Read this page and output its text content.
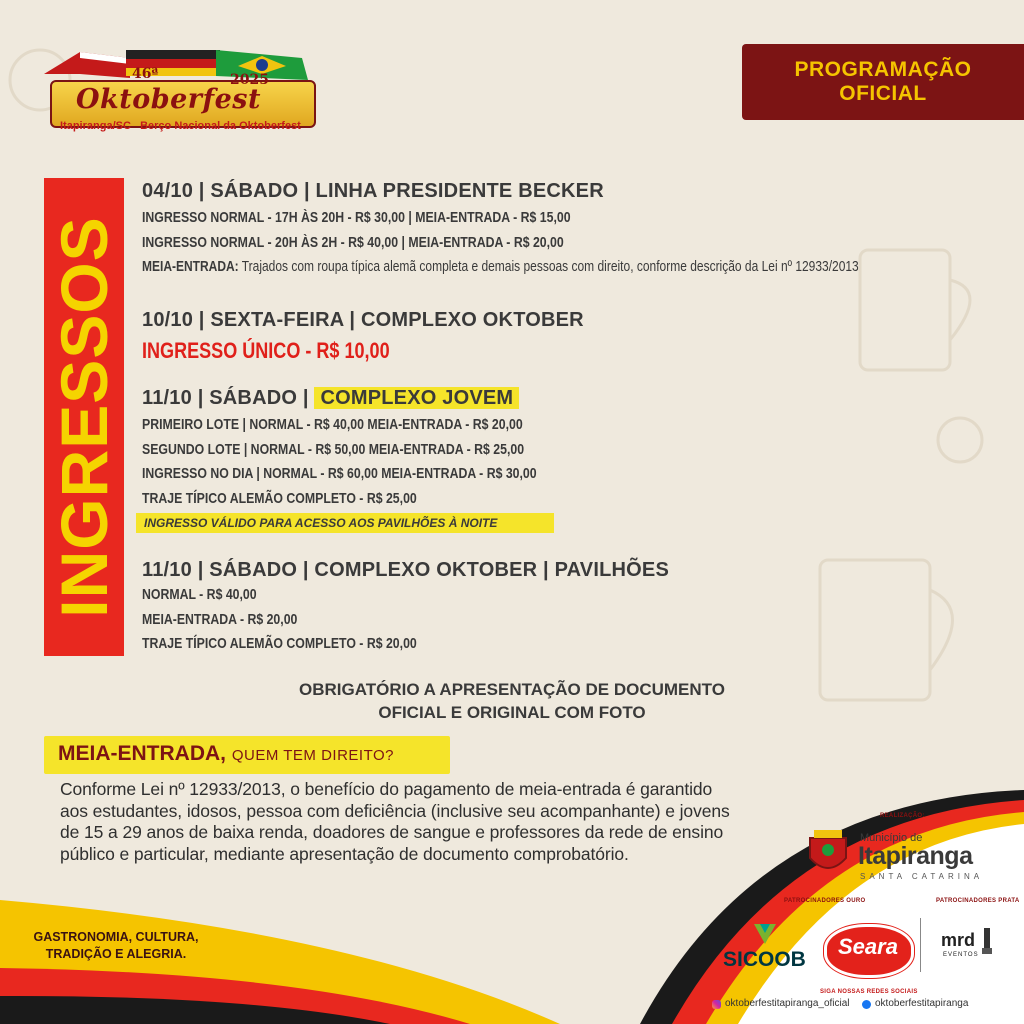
46ª	2025
Oktoberfest
Itapiranga/SC Berço Nacional da Oktoberfest
PROGRAMAÇÃO OFICIAL
INGRESSOS
04/10 | SÁBADO | LINHA PRESIDENTE BECKER
INGRESSO NORMAL - 17H ÀS 20H - R$ 30,00 | MEIA-ENTRADA - R$ 15,00
INGRESSO NORMAL - 20H ÀS 2H - R$ 40,00 | MEIA-ENTRADA - R$ 20,00
MEIA-ENTRADA: Trajados com roupa típica alemã completa e demais pessoas com direito, conforme descrição da Lei nº 12933/2013
10/10 | SEXTA-FEIRA | COMPLEXO OKTOBER
INGRESSO ÚNICO - R$ 10,00
11/10 | SÁBADO | COMPLEXO JOVEM
PRIMEIRO LOTE | NORMAL - R$ 40,00 MEIA-ENTRADA - R$ 20,00
SEGUNDO LOTE | NORMAL - R$ 50,00 MEIA-ENTRADA - R$ 25,00
INGRESSO NO DIA | NORMAL - R$ 60,00 MEIA-ENTRADA - R$ 30,00
TRAJE TÍPICO ALEMÃO COMPLETO - R$ 25,00
INGRESSO VÁLIDO PARA ACESSO AOS PAVILHÕES À NOITE
11/10 | SÁBADO | COMPLEXO OKTOBER | PAVILHÕES
NORMAL - R$ 40,00
MEIA-ENTRADA - R$ 20,00
TRAJE TÍPICO ALEMÃO COMPLETO - R$ 20,00
OBRIGATÓRIO A APRESENTAÇÃO DE DOCUMENTO
OFICIAL E ORIGINAL COM FOTO
MEIA-ENTRADA, QUEM TEM DIREITO?
Conforme Lei nº 12933/2013, o benefício do pagamento de meia-entrada é garantido aos estudantes, idosos, pessoa com deficiência (inclusive seu acompanhante) e jovens de 15 a 29 anos de baixa renda, doadores de sangue e professores da rede de ensino público e particular, mediante apresentação de documento comprobatório.
GASTRONOMIA, CULTURA,
TRADIÇÃO E ALEGRIA.
REALIZAÇÃO:
Município de
Itapiranga
SANTA CATARINA
PATROCINADORES OURO	PATROCINADORES PRATA
SICOOB
Seara mrd
EVENTOS
SIGA NOSSAS REDES SOCIAIS
oktoberfestitapiranga_oficial	oktoberfestitapiranga
